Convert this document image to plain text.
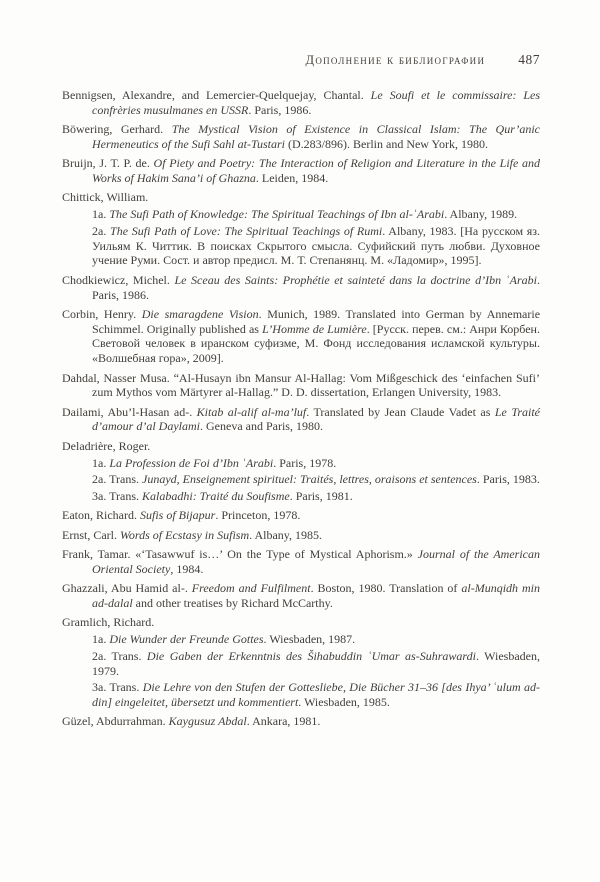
Дополнение к библиографии 487

Bennigsen, Alexandre, and Lemercier-Quelquejay, Chantal. Le Soufi et le commissaire: Les confrèries musulmanes en USSR. Paris, 1986.

Böwering, Gerhard. The Mystical Vision of Existence in Classical Islam: The Qur’anic Hermeneutics of the Sufi Sahl at-Tustari (D.283/896). Berlin and New York, 1980.

Bruijn, J. T. P. de. Of Piety and Poetry: The Interaction of Religion and Literature in the Life and Works of Hakim Sana’i of Ghazna. Leiden, 1984.

Chittick, William.

1a. The Sufi Path of Knowledge: The Spiritual Teachings of Ibn al-ʿArabi. Albany, 1989.

2a. The Sufi Path of Love: The Spiritual Teachings of Rumi. Albany, 1983. [На русском яз. Уильям К. Читтик. В поисках Скрытого смысла. Суфийский путь любви. Духовное учение Руми. Сост. и автор предисл. М. Т. Степанянц. М. «Ладомир», 1995].

Chodkiewicz, Michel. Le Sceau des Saints: Prophétie et sainteté dans la doctrine d’Ibn ʿArabi. Paris, 1986.

Corbin, Henry. Die smaragdene Vision. Munich, 1989. Translated into German by Annemarie Schimmel. Originally published as L’Homme de Lumière. [Русск. перев. см.: Анри Корбен. Световой человек в иранском суфизме, М. Фонд исследования исламской культуры. «Волшебная гора», 2009].

Dahdal, Nasser Musa. “Al-Husayn ibn Mansur Al-Hallag: Vom Mißgeschick des ‘einfachen Sufi’ zum Mythos vom Märtyrer al-Hallag.” D. D. dissertation, Erlangen University, 1983.

Dailami, Abu’l-Hasan ad-. Kitab al-alif al-ma’luf. Translated by Jean Claude Vadet as Le Traité d’amour d’al Daylami. Geneva and Paris, 1980.

Deladrière, Roger.

1a. La Profession de Foi d’Ibn ʿArabi. Paris, 1978.

2a. Trans. Junayd, Enseignement spirituel: Traités, lettres, oraisons et sentences. Paris, 1983.

3a. Trans. Kalabadhi: Traité du Soufisme. Paris, 1981.

Eaton, Richard. Sufis of Bijapur. Princeton, 1978.

Ernst, Carl. Words of Ecstasy in Sufism. Albany, 1985.

Frank, Tamar. «‘Tasawwuf is…’ On the Type of Mystical Aphorism.» Journal of the American Oriental Society, 1984.

Ghazzali, Abu Hamid al-. Freedom and Fulfilment. Boston, 1980. Translation of al-Munqidh min ad-dalal and other treatises by Richard McCarthy.

Gramlich, Richard.

1a. Die Wunder der Freunde Gottes. Wiesbaden, 1987.

2a. Trans. Die Gaben der Erkenntnis des Šihabuddin ʿUmar as-Suhrawardi. Wiesbaden, 1979.

3a. Trans. Die Lehre von den Stufen der Gottesliebe, Die Bücher 31–36 [des Ihya’ ʿulum ad-din] eingeleitet, übersetzt und kommentiert. Wiesbaden, 1985.

Güzel, Abdurrahman. Kaygusuz Abdal. Ankara, 1981.
